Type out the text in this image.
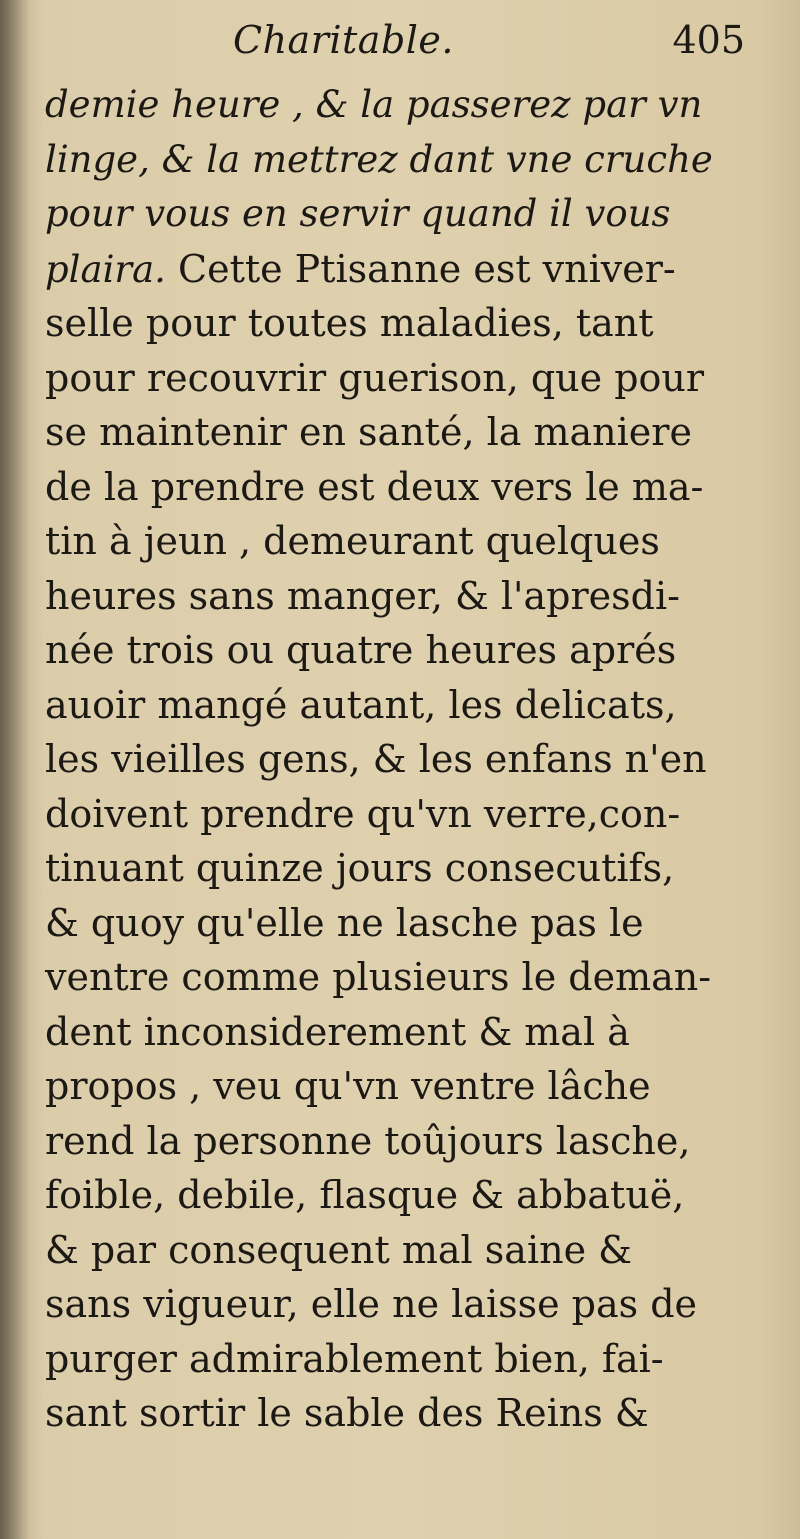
Charitable.	405
demie heure , & la passerez par vn
linge, & la mettrez dant vne cruche
pour vous en servir quand il vous
plaira. Cette Ptisanne est vniver-
selle pour toutes maladies, tant
pour recouvrir guerison, que pour
se maintenir en santé, la maniere
de la prendre est deux vers le ma-
tin à jeun , demeurant quelques
heures sans manger, & l'apresdi-
née trois ou quatre heures aprés
auoir mangé autant, les delicats,
les vieilles gens, & les enfans n'en
doivent prendre qu'vn verre,con-
tinuant quinze jours consecutifs,
& quoy qu'elle ne lasche pas le
ventre comme plusieurs le deman-
dent inconsiderement & mal à
propos , veu qu'vn ventre lâche
rend la personne toûjours lasche,
foible, debile, flasque & abbatuë,
& par consequent mal saine &
sans vigueur, elle ne laisse pas de
purger admirablement bien, fai-
sant sortir le sable des Reins &
